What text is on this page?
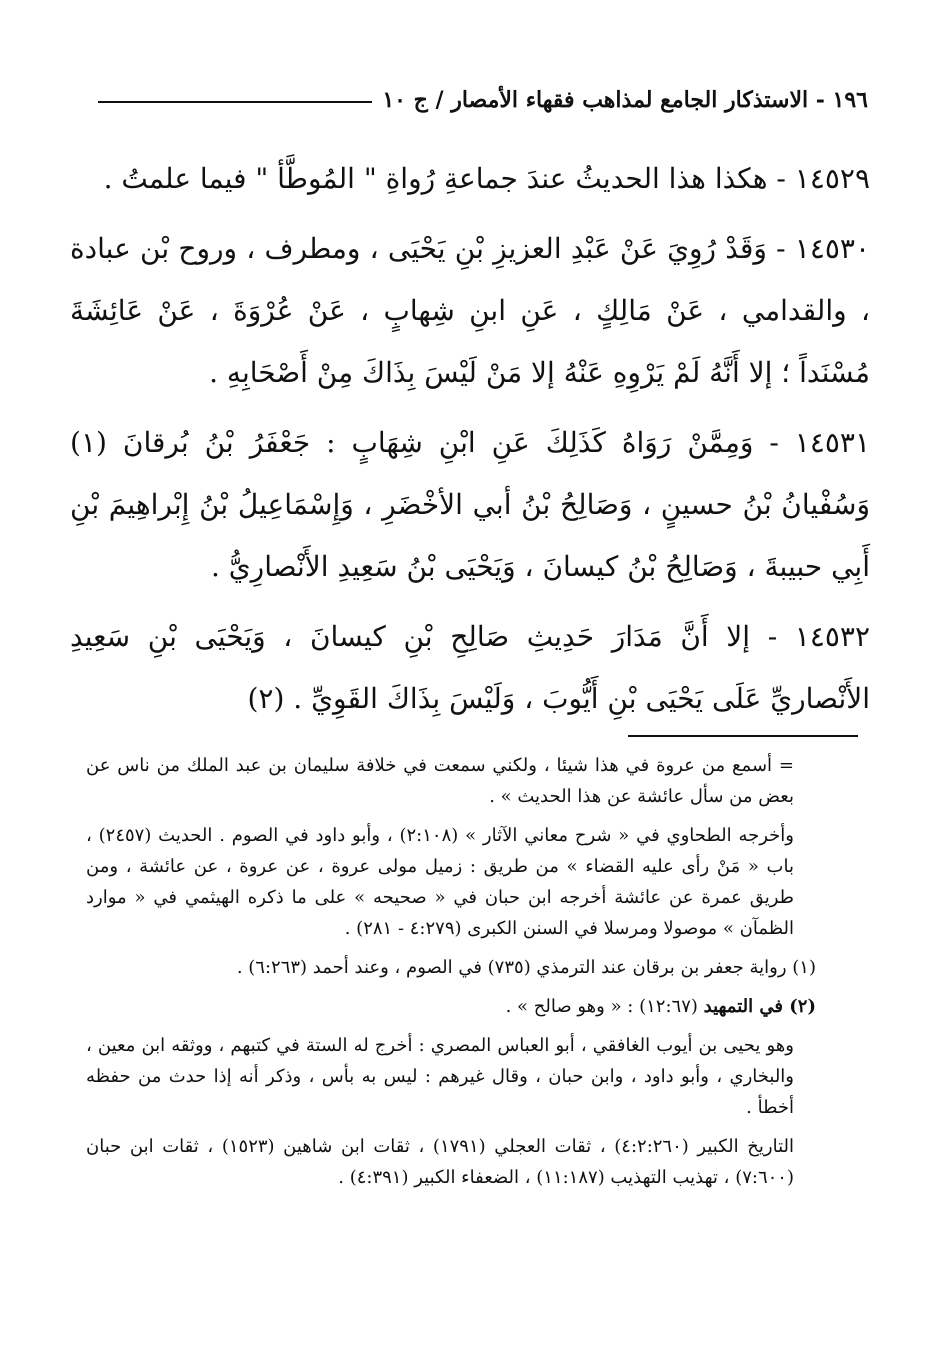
١٩٦ - الاستذكار الجامع لمذاهب فقهاء الأمصار / ج ١٠

١٤٥٢٩ - هكذا هذا الحديثُ عندَ جماعةِ رُواةِ " المُوطَّأ " فيما علمتُ .

١٤٥٣٠ - وَقَدْ رُوِيَ عَنْ عَبْدِ العزيزِ بْنِ يَحْيَى ، ومطرف ، وروح بْن عبادة ، والقدامي ، عَنْ مَالِكٍ ، عَنِ ابنِ شِهابٍ ، عَنْ عُرْوَةَ ، عَنْ عَائِشَةَ مُسْنَداً ؛ إلا أَنَّهُ لَمْ يَرْوِهِ عَنْهُ إلا مَنْ لَيْسَ بِذَاكَ مِنْ أَصْحَابِهِ .

١٤٥٣١ - وَمِمَّنْ رَوَاهُ كَذَلِكَ عَنِ ابْنِ شِهَابٍ : جَعْفَرُ بْنُ بُرقانَ (١) وَسُفْيانُ بْنُ حسينٍ ، وَصَالِحُ بْنُ أبي الأخْضَرِ ، وَإِسْمَاعِيلُ بْنُ إِبْراهِيمَ بْنِ أَبِي حبيبةَ ، وَصَالِحُ بْنُ كيسانَ ، وَيَحْيَى بْنُ سَعِيدِ الأَنْصارِيُّ .

١٤٥٣٢ - إلا أَنَّ مَدَارَ حَدِيثِ صَالِحِ بْنِ كيسانَ ، وَيَحْيَى بْنِ سَعِيدِ الأَنْصاريِّ عَلَى يَحْيَى بْنِ أَيُّوبَ ، وَلَيْسَ بِذَاكَ القَوِيِّ . (٢)

= أسمع من عروة في هذا شيئا ، ولكني سمعت في خلافة سليمان بن عبد الملك من ناس عن بعض من سأل عائشة عن هذا الحديث » .

وأخرجه الطحاوي في « شرح معاني الآثار » (٢:١٠٨) ، وأبو داود في الصوم . الحديث (٢٤٥٧) ، باب « مَنْ رأى عليه القضاء » من طريق : زميل مولى عروة ، عن عروة ، عن عائشة ، ومن طريق عمرة عن عائشة أخرجه ابن حبان في « صحيحه » على ما ذكره الهيثمي في « موارد الظمآن » موصولا ومرسلا في السنن الكبرى (٤:٢٧٩ - ٢٨١) .

(١) رواية جعفر بن برقان عند الترمذي (٧٣٥) في الصوم ، وعند أحمد (٦:٢٦٣) .

(٢) في التمهيد (١٢:٦٧) : « وهو صالح » .

وهو يحيى بن أيوب الغافقي ، أبو العباس المصري : أخرج له الستة في كتبهم ، ووثقه ابن معين ، والبخاري ، وأبو داود ، وابن حبان ، وقال غيرهم : ليس به بأس ، وذكر أنه إذا حدث من حفظه أخطأ .

التاريخ الكبير (٤:٢:٢٦٠) ، ثقات العجلي (١٧٩١) ، ثقات ابن شاهين (١٥٢٣) ، ثقات ابن حبان (٧:٦٠٠) ، تهذيب التهذيب (١١:١٨٧) ، الضعفاء الكبير (٤:٣٩١) .
